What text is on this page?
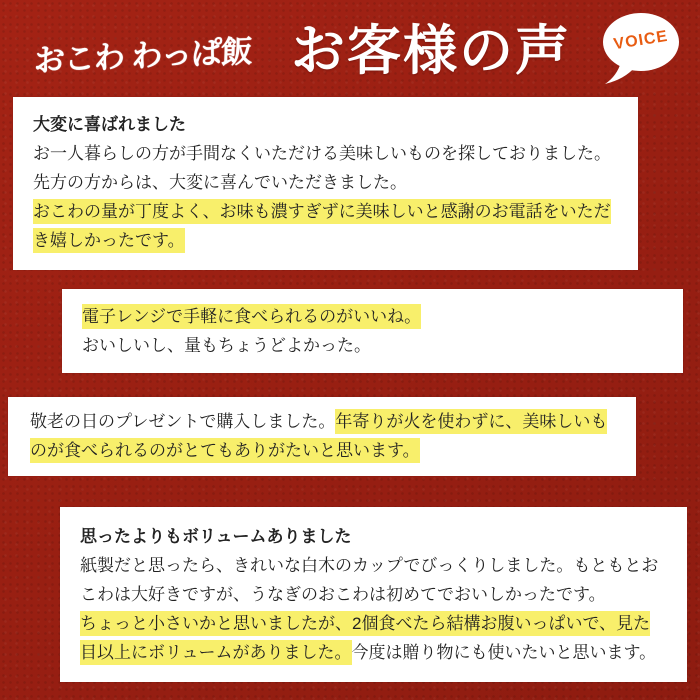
おこわ わっぱ飯 お客様の声	VOICE
大変に喜ばれました

お一人暮らしの方が手間なくいただける美味しいものを探しておりました。
先方の方からは、大変に喜んでいただきました。
おこわの量が丁度よく、お味も濃すぎずに美味しいと感謝のお電話をいただき嬉しかったです。

電子レンジで手軽に食べられるのがいいね。
おいしいし、量もちょうどよかった。

敬老の日のプレゼントで購入しました。年寄りが火を使わずに、美味しいものが食べられるのがとてもありがたいと思います。

思ったよりもボリュームありました

紙製だと思ったら、きれいな白木のカップでびっくりしました。もともとおこわは大好きですが、うなぎのおこわは初めてでおいしかったです。
ちょっと小さいかと思いましたが、2個食べたら結構お腹いっぱいで、見た目以上にボリュームがありました。今度は贈り物にも使いたいと思います。
